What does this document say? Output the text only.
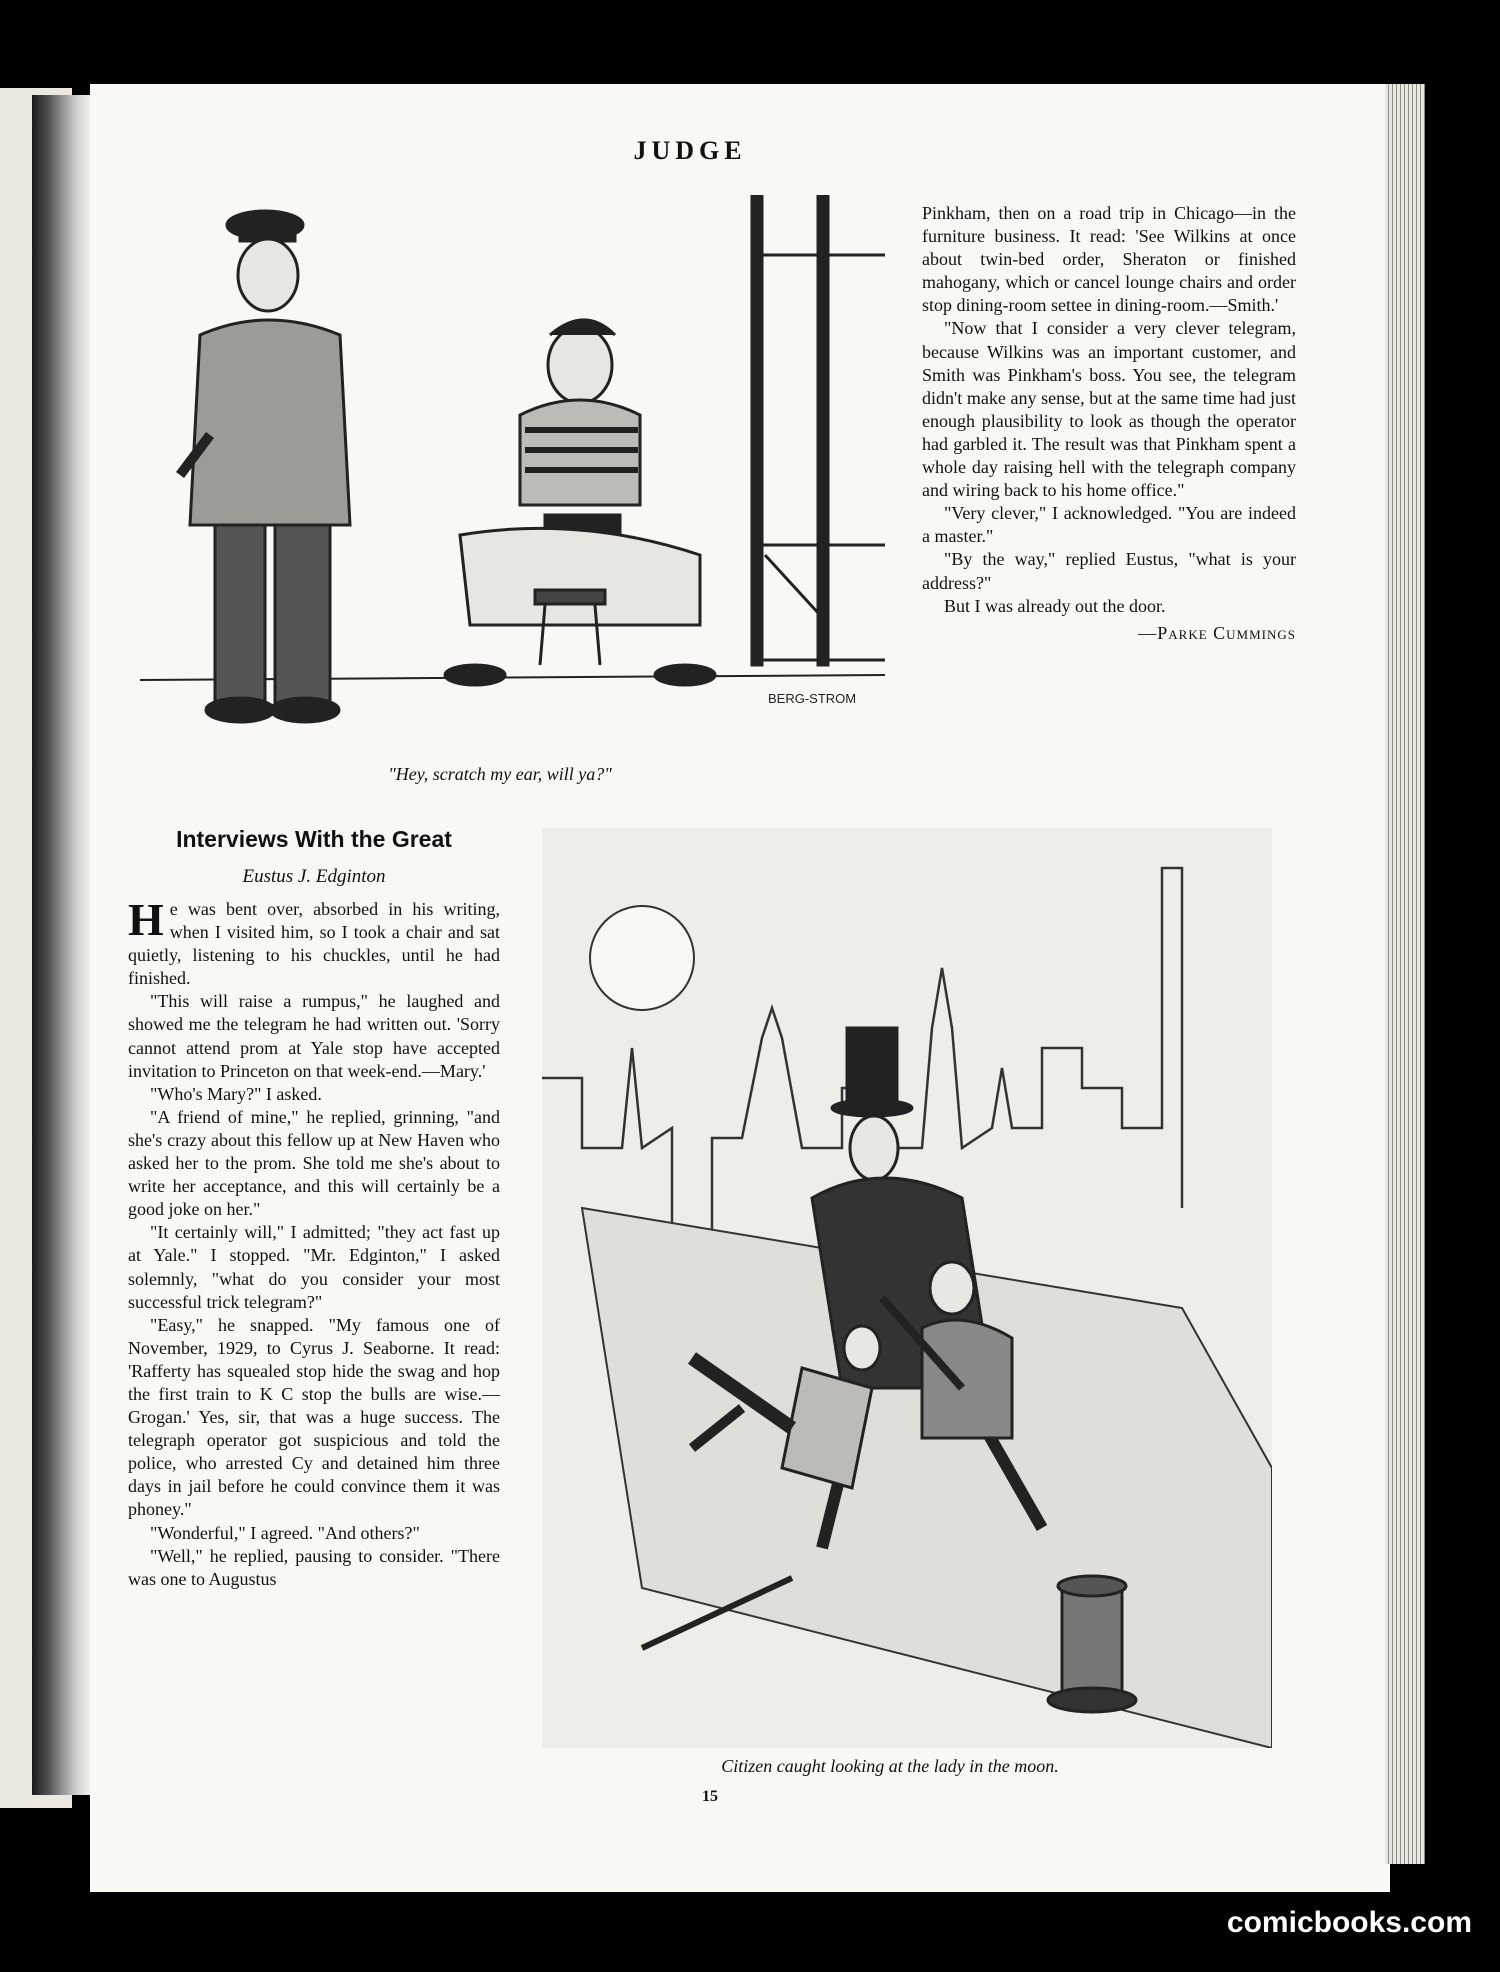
JUDGE
BERG-STROM
"Hey, scratch my ear, will ya?"

Pinkham, then on a road trip in Chicago—in the furniture business. It read: 'See Wilkins at once about twin-bed order, Sheraton or finished mahogany, which or cancel lounge chairs and order stop dining-room settee in dining-room.—Smith.'

"Now that I consider a very clever telegram, because Wilkins was an important customer, and Smith was Pinkham's boss. You see, the telegram didn't make any sense, but at the same time had just enough plausibility to look as though the operator had garbled it. The result was that Pinkham spent a whole day raising hell with the telegraph company and wiring back to his home office."

"Very clever," I acknowledged. "You are indeed a master."

"By the way," replied Eustus, "what is your address?"

But I was already out the door.

—Parke Cummings

Interviews With the Great
Eustus J. Edginton

He was bent over, absorbed in his writing, when I visited him, so I took a chair and sat quietly, listening to his chuckles, until he had finished.

"This will raise a rumpus," he laughed and showed me the telegram he had written out. 'Sorry cannot attend prom at Yale stop have accepted invitation to Princeton on that week-end.—Mary.'

"Who's Mary?" I asked.

"A friend of mine," he replied, grinning, "and she's crazy about this fellow up at New Haven who asked her to the prom. She told me she's about to write her acceptance, and this will certainly be a good joke on her."

"It certainly will," I admitted; "they act fast up at Yale." I stopped. "Mr. Edginton," I asked solemnly, "what do you consider your most successful trick telegram?"

"Easy," he snapped. "My famous one of November, 1929, to Cyrus J. Seaborne. It read: 'Rafferty has squealed stop hide the swag and hop the first train to K C stop the bulls are wise.—Grogan.' Yes, sir, that was a huge success. The telegraph operator got suspicious and told the police, who arrested Cy and detained him three days in jail before he could convince them it was phoney."

"Wonderful," I agreed. "And others?"

"Well," he replied, pausing to consider. "There was one to Augustus

Citizen caught looking at the lady in the moon.
15
comicbooks.com
